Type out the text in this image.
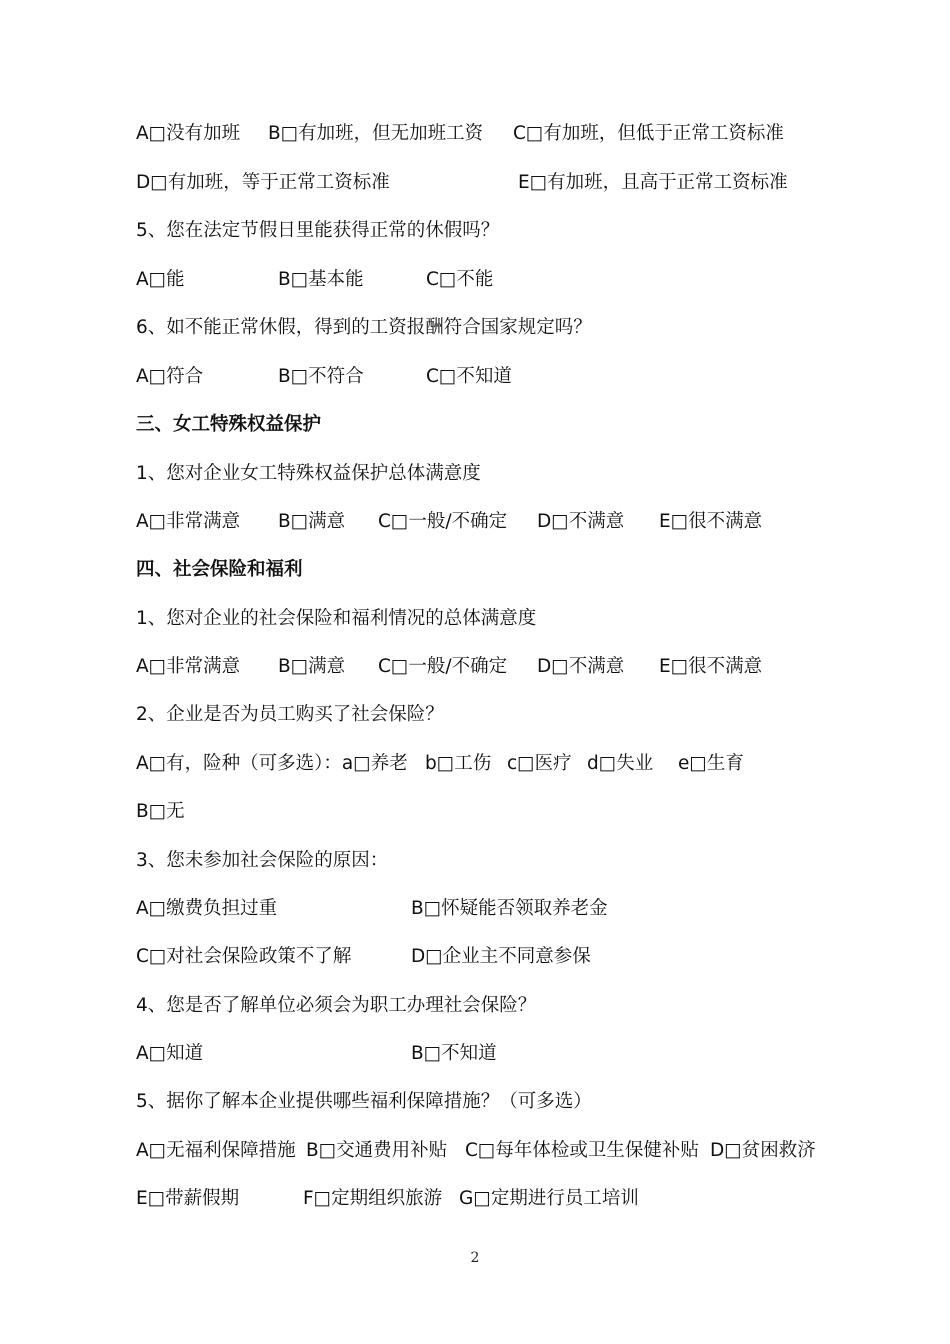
A□没有加班 B□有加班，但无加班工资 C□有加班，但低于正常工资标准
D□有加班，等于正常工资标准	E□有加班，且高于正常工资标准
5、您在法定节假日里能获得正常的休假吗？
A□能	B□基本能	C□不能
6、如不能正常休假，得到的工资报酬符合国家规定吗？
A□符合	B□不符合	C□不知道
三、女工特殊权益保护
1、您对企业女工特殊权益保护总体满意度
A□非常满意 B□满意 C□一般/不确定 D□不满意 E□很不满意
四、社会保险和福利
1、您对企业的社会保险和福利情况的总体满意度
A□非常满意 B□满意 C□一般/不确定 D□不满意 E□很不满意
2、企业是否为员工购买了社会保险？
A□有，险种（可多选）：a□养老 b□工伤 c□医疗 d□失业 e□生育
B□无
3、您未参加社会保险的原因：
A□缴费负担过重	B□怀疑能否领取养老金
C□对社会保险政策不了解	D□企业主不同意参保
4、您是否了解单位必须会为职工办理社会保险？
A□知道	B□不知道
5、据你了解本企业提供哪些福利保障措施？（可多选）
A□无福利保障措施 B□交通费用补贴 C□每年体检或卫生保健补贴 D□贫困救济
E□带薪假期	F□定期组织旅游 G□定期进行员工培训
2
